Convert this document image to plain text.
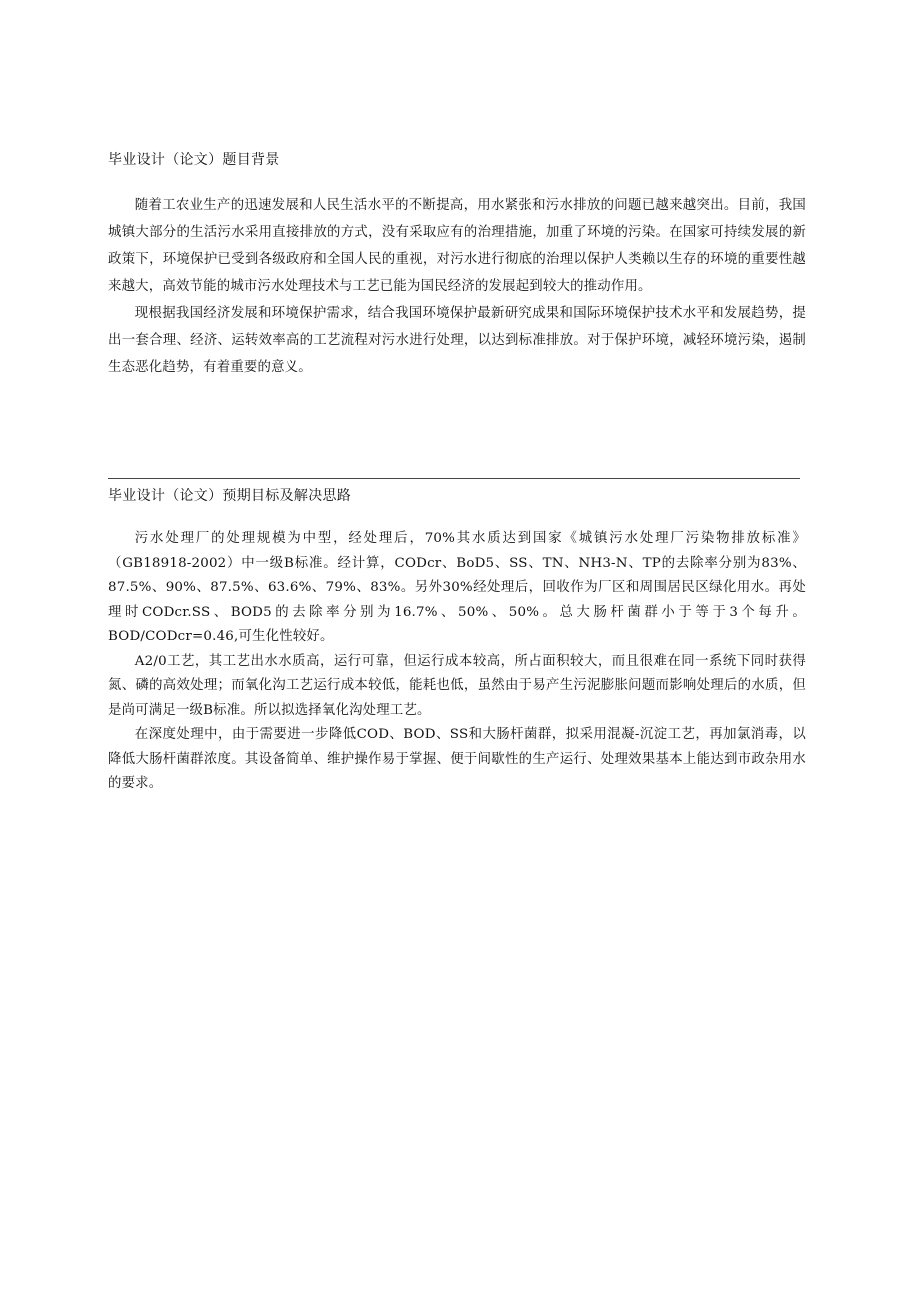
毕业设计（论文）题目背景

随着工农业生产的迅速发展和人民生活水平的不断提高，用水紧张和污水排放的问题已越来越突出。目前，我国城镇大部分的生活污水采用直接排放的方式，没有采取应有的治理措施，加重了环境的污染。在国家可持续发展的新政策下，环境保护已受到各级政府和全国人民的重视，对污水进行彻底的治理以保护人类赖以生存的环境的重要性越来越大，高效节能的城市污水处理技术与工艺已能为国民经济的发展起到较大的推动作用。

现根据我国经济发展和环境保护需求，结合我国环境保护最新研究成果和国际环境保护技术水平和发展趋势，提出一套合理、经济、运转效率高的工艺流程对污水进行处理，以达到标准排放。对于保护环境，减轻环境污染，遏制生态恶化趋势，有着重要的意义。

毕业设计（论文）预期目标及解决思路

污水处理厂的处理规模为中型，经处理后，70%其水质达到国家《城镇污水处理厂污染物排放标准》（GB18918-2002）中一级B标准。经计算，CODcr、BoD5、SS、TN、NH3-N、TP的去除率分别为83%、87.5%、90%、87.5%、63.6%、79%、83%。另外30%经处理后，回收作为厂区和周围居民区绿化用水。再处理时CODcr.SS、BOD5的去除率分别为16.7%、50%、50%。总大肠杆菌群小于等于3个每升。BOD/CODcr=0.46,可生化性较好。

A2/0工艺，其工艺出水水质高，运行可靠，但运行成本较高，所占面积较大，而且很难在同一系统下同时获得氮、磷的高效处理；而氧化沟工艺运行成本较低，能耗也低，虽然由于易产生污泥膨胀问题而影响处理后的水质，但是尚可满足一级B标准。所以拟选择氧化沟处理工艺。

在深度处理中，由于需要进一步降低COD、BOD、SS和大肠杆菌群，拟采用混凝-沉淀工艺，再加氯消毒，以降低大肠杆菌群浓度。其设备简单、维护操作易于掌握、便于间歇性的生产运行、处理效果基本上能达到市政杂用水的要求。
